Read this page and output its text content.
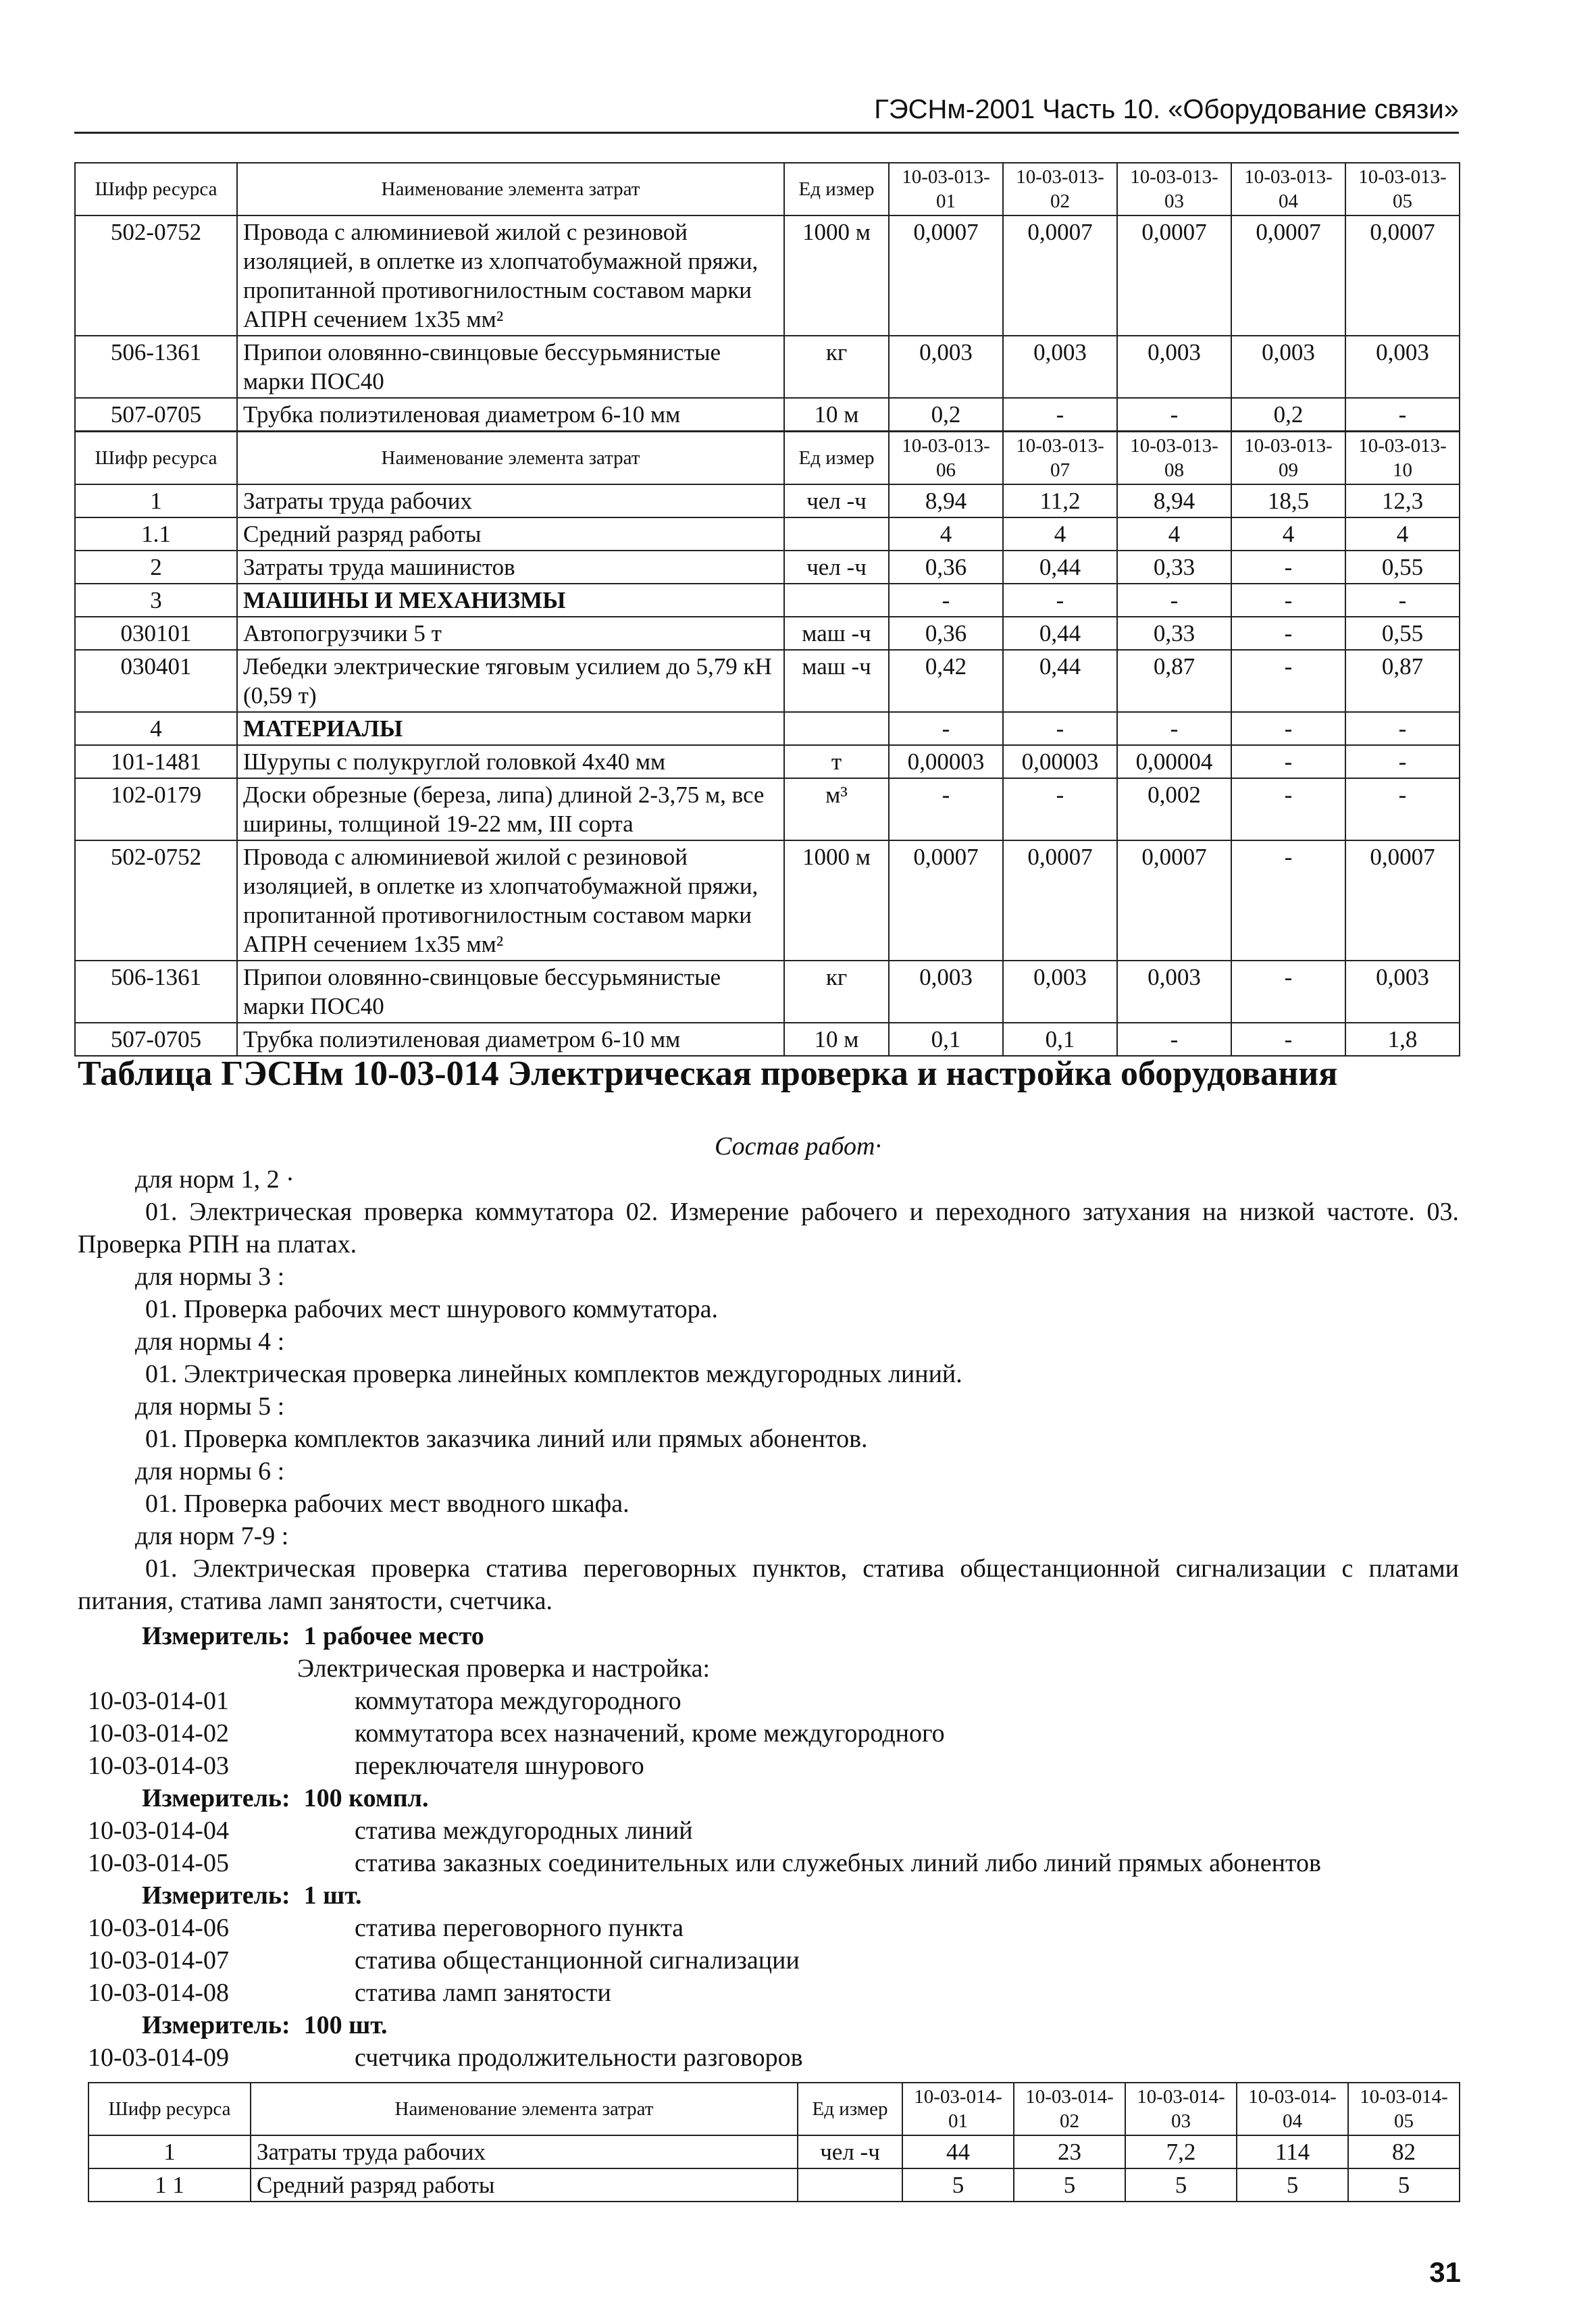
ГЭСНм-2001 Часть 10. «Оборудование связи»
Шифр ресурса	Наименование элемента затрат	Ед измер	10-03-013-01	10-03-013-02	10-03-013-03	10-03-013-04	10-03-013-05
502-0752	Провода с алюминиевой жилой с резиновой изоляцией, в оплетке из хлопчатобумажной пряжи, пропитанной противогнилостным составом марки АПРН сечением 1х35 мм²	1000 м	0,0007	0,0007	0,0007	0,0007	0,0007
506-1361	Припои оловянно-свинцовые бессурьмянистые марки ПОС40	кг	0,003	0,003	0,003	0,003	0,003
507-0705	Трубка полиэтиленовая диаметром 6-10 мм	10 м	0,2	-	-	0,2	-
Шифр ресурса	Наименование элемента затрат	Ед измер	10-03-013-06	10-03-013-07	10-03-013-08	10-03-013-09	10-03-013-10
1	Затраты труда рабочих	чел -ч	8,94	11,2	8,94	18,5	12,3
1.1	Средний разряд работы		4	4	4	4	4
2	Затраты труда машинистов	чел -ч	0,36	0,44	0,33	-	0,55
3	МАШИНЫ И МЕХАНИЗМЫ		-	-	-	-	-
030101	Автопогрузчики 5 т	маш -ч	0,36	0,44	0,33	-	0,55
030401	Лебедки электрические тяговым усилием до 5,79 кН (0,59 т)	маш -ч	0,42	0,44	0,87	-	0,87
4	МАТЕРИАЛЫ		-	-	-	-	-
101-1481	Шурупы с полукруглой головкой 4х40 мм	т	0,00003	0,00003	0,00004	-	-
102-0179	Доски обрезные (береза, липа) длиной 2-3,75 м, все ширины, толщиной 19-22 мм, III сорта	м³	-	-	0,002	-	-
502-0752	Провода с алюминиевой жилой с резиновой изоляцией, в оплетке из хлопчатобумажной пряжи, пропитанной противогнилостным составом марки АПРН сечением 1х35 мм²	1000 м	0,0007	0,0007	0,0007	-	0,0007
506-1361	Припои оловянно-свинцовые бессурьмянистые марки ПОС40	кг	0,003	0,003	0,003	-	0,003
507-0705	Трубка полиэтиленовая диаметром 6-10 мм	10 м	0,1	0,1	-	-	1,8
Таблица ГЭСНм 10-03-014 Электрическая проверка и настройка оборудования
Состав работ·
для норм 1, 2 ·
01. Электрическая проверка коммутатора 02. Измерение рабочего и переходного затухания на низкой частоте. 03. Проверка РПН на платах.
для нормы 3 :
01. Проверка рабочих мест шнурового коммутатора.
для нормы 4 :
01. Электрическая проверка линейных комплектов междугородных линий.
для нормы 5 :
01. Проверка комплектов заказчика линий или прямых абонентов.
для нормы 6 :
01. Проверка рабочих мест вводного шкафа.
для норм 7-9 :
01. Электрическая проверка статива переговорных пунктов, статива общестанционной сигнализации с платами питания, статива ламп занятости, счетчика.
Измеритель: 1 рабочее место
Электрическая проверка и настройка:
10-03-014-01	коммутатора междугородного
10-03-014-02	коммутатора всех назначений, кроме междугородного
10-03-014-03	переключателя шнурового
Измеритель: 100 компл.
10-03-014-04	статива междугородных линий
10-03-014-05	статива заказных соединительных или служебных линий либо линий прямых абонентов
Измеритель: 1 шт.
10-03-014-06	статива переговорного пункта
10-03-014-07	статива общестанционной сигнализации
10-03-014-08	статива ламп занятости
Измеритель: 100 шт.
10-03-014-09	счетчика продолжительности разговоров
Шифр ресурса	Наименование элемента затрат	Ед измер	10-03-014-01	10-03-014-02	10-03-014-03	10-03-014-04	10-03-014-05
1	Затраты труда рабочих	чел -ч	44	23	7,2	114	82
1 1	Средний разряд работы		5	5	5	5	5
31
